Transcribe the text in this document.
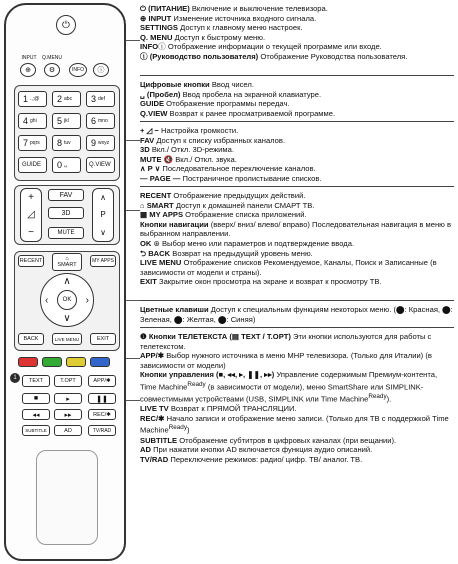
⏻
INPUT	Q.MENU
⊕	⚙	INFO	ⓘ
1 .,;@ 2 abc 3 def
4 ghi 5 jkl 6 mno
7 pqrs 8 tuv 9 wxyz
GUIDE 0 ␣	Q.VIEW
+
◿
−
FAV
3D
MUTE
∧
P
∨
RECENT	⌂
SMART
MY APPS
∧
∨
‹	›
OK
BACK	LIVE MENU	EXIT
1 TEXT	T.OPT	APP/✱
■	▸	❚❚
◂◂	▸▸	REC/✱
SUBTITLE	AD	TV/RAD

⏻ (ПИТАНИЕ) Включение и выключение телевизора.

⊕ INPUT Изменение источника входного сигнала.

SETTINGS Доступ к главному меню настроек.

Q. MENU Доступ к быстрому меню.

INFOⓘ Отображение информации о текущей программе или входе.

ⓘ (Руководство пользователя) Отображение Руководства пользователя.

Цифровые кнопки Ввод чисел.

␣ (Пробел) Ввод пробела на экранной клавиатуре.

GUIDE Отображение программы передач.

Q.VIEW Возврат к ранее просматриваемой программе.

+ ◿ − Настройка громкости.

FAV Доступ к списку избранных каналов.

3D Вкл./ Откл. 3D-режима.

MUTE 🔇 Вкл./ Откл. звука.

∧ P ∨ Последовательное переключение каналов.

— PAGE — Постраничное пролистывание списков.

RECENT Отображение предыдущих действий.

⌂ SMART Доступ к домашней панели СМАРТ ТВ.

▦ MY APPS Отображение списка приложений.

Кнопки навигации (вверх/ вниз/ влево/ вправо) Последовательная навигация в меню в выбранном направлении.

OK ⊛ Выбор меню или параметров и подтверждение ввода.

⮌ BACK Возврат на предыдущий уровень меню.

LIVE MENU Отображение списков Рекомендуемое, Каналы, Поиск и Записанные (в зависимости от модели и страны).

EXIT Закрытие окон просмотра на экране и возврат к просмотру ТВ.

Цветные клавиши Доступ к специальным функциям некоторых меню. (⬤: Красная, ⬤: Зеленая, ⬤: Желтая, ⬤: Синяя)

❶ Кнопки ТЕЛЕТЕКСТА (▤ TEXT / T.OPT) Эти кнопки используются для работы с телетекстом.

APP/✱ Выбор нужного источника в меню MHP телевизора. (Только для Италии) (в зависимости от модели)

Кнопки управления (■, ◂◂, ▸, ❚❚, ▸▸) Управление содержимым Премиум-контента, Time Machine$^{Ready}$ (в зависимости от модели), меню SmartShare или SIMPLINK-совместимыми устройствами (USB, SIMPLINK или Time Machine$^{Ready}$).

LIVE TV Возврат к ПРЯМОЙ ТРАНСЛЯЦИИ.

REC/✱ Начало записи и отображение меню записи. (Только для ТВ с поддержкой Time Machine$^{Ready}$)

SUBTITLE Отображение субтитров в цифровых каналах (при вещании).

AD При нажатии кнопки AD включается функция аудио описаний.

TV/RAD Переключение режимов: радио/ цифр. ТВ/ аналог. ТВ.
